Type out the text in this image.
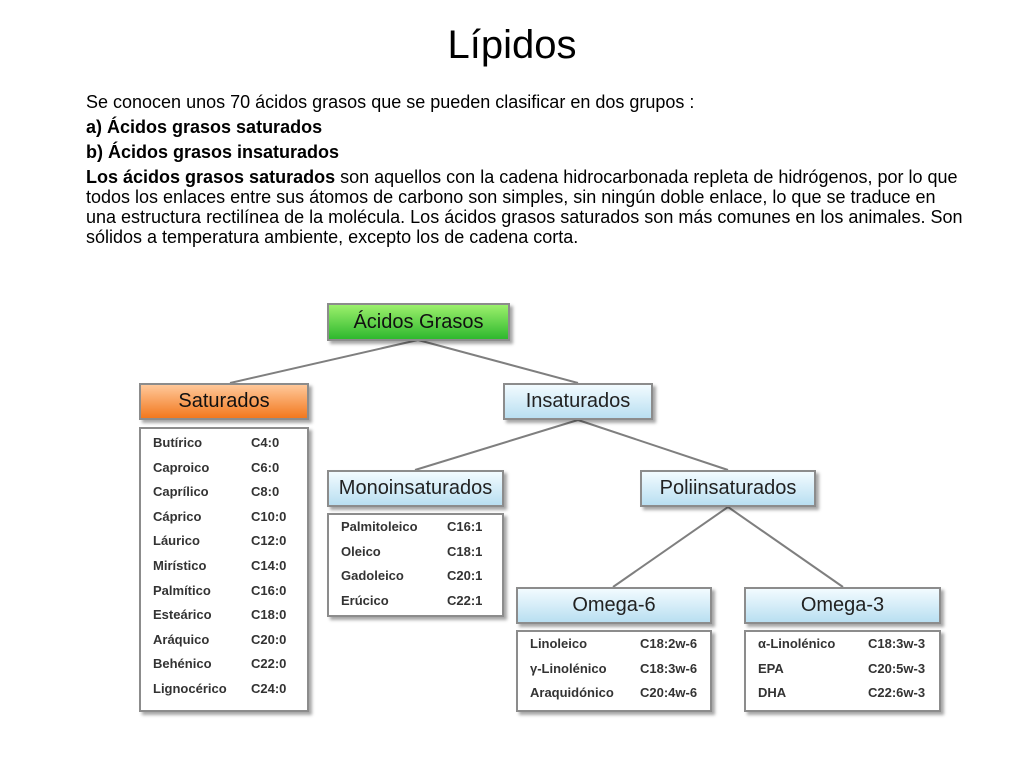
Lípidos

Se conocen unos 70 ácidos grasos que se pueden clasificar en dos grupos :

a) Ácidos grasos saturados

b) Ácidos grasos insaturados

Los ácidos grasos saturados son aquellos con la cadena hidrocarbonada repleta de hidrógenos, por lo que todos los enlaces entre sus átomos de carbono son simples, sin ningún doble enlace, lo que se traduce en una estructura rectilínea de la molécula. Los ácidos grasos saturados son más comunes en los animales. Son sólidos a temperatura ambiente, excepto los de cadena corta.

Ácidos Grasos
Saturados	Insaturados
Monoinsaturados	Poliinsaturados
Omega-6	Omega-3
Butírico	C4:0
Caproico	C6:0
Caprílico	C8:0
Cáprico	C10:0
Láurico	C12:0
Mirístico	C14:0
Palmítico	C16:0
Esteárico	C18:0
Aráquico	C20:0
Behénico	C22:0
Lignocérico C24:0
Palmitoleico C16:1
Oleico	C18:1
Gadoleico	C20:1
Erúcico	C22:1
Linoleico	C18:2w-6
γ-Linolénico	C18:3w-6
Araquidónico C20:4w-6
α-Linolénico	C18:3w-3
EPA	C20:5w-3
DHA	C22:6w-3
